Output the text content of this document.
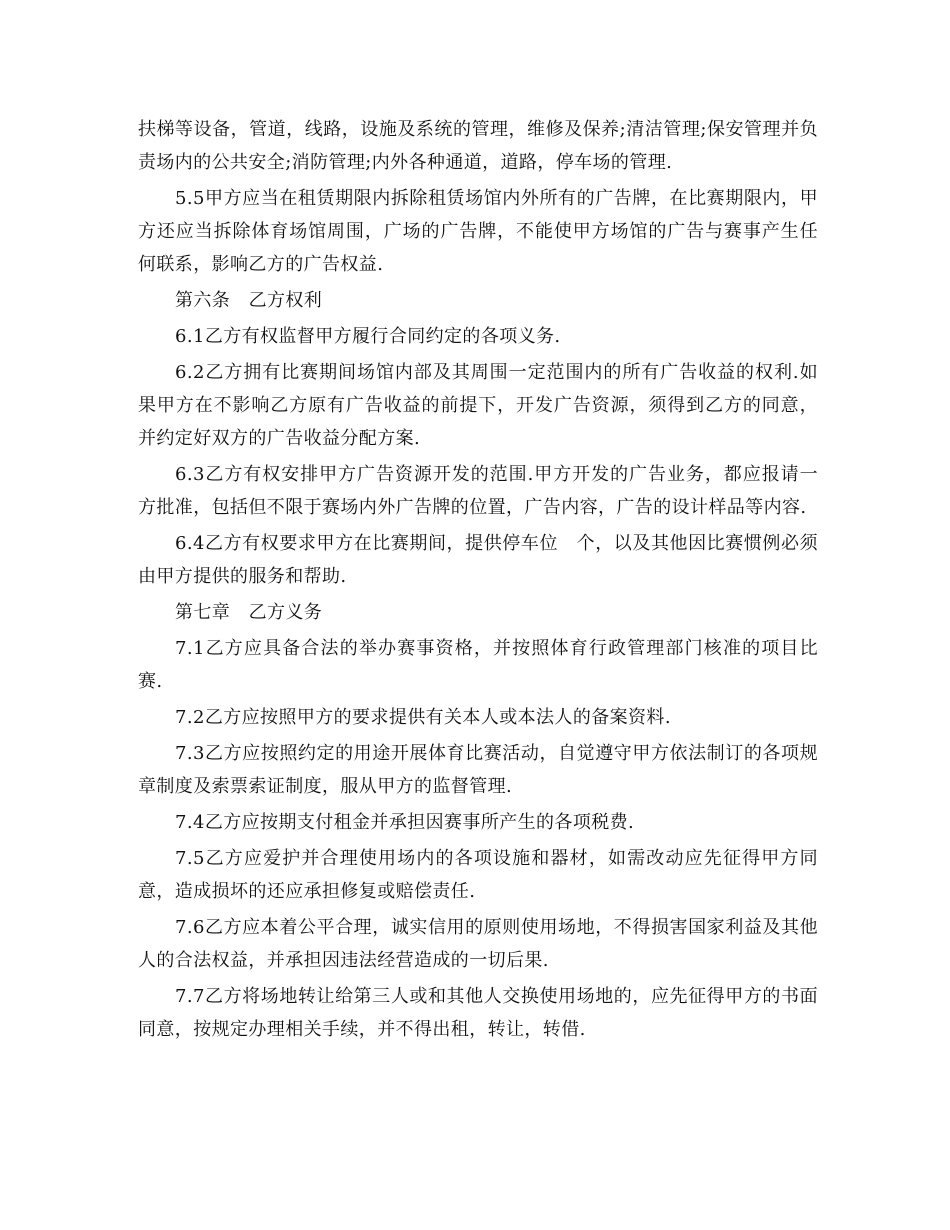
扶梯等设备，管道，线路，设施及系统的管理，维修及保养;清洁管理;保安管理并负责场内的公共安全;消防管理;内外各种通道，道路，停车场的管理.

5.5甲方应当在租赁期限内拆除租赁场馆内外所有的广告牌，在比赛期限内，甲方还应当拆除体育场馆周围，广场的广告牌，不能使甲方场馆的广告与赛事产生任何联系，影响乙方的广告权益.

第六条　乙方权利

6.1乙方有权监督甲方履行合同约定的各项义务.

6.2乙方拥有比赛期间场馆内部及其周围一定范围内的所有广告收益的权利.如果甲方在不影响乙方原有广告收益的前提下，开发广告资源，须得到乙方的同意，并约定好双方的广告收益分配方案.

6.3乙方有权安排甲方广告资源开发的范围.甲方开发的广告业务，都应报请一方批准，包括但不限于赛场内外广告牌的位置，广告内容，广告的设计样品等内容.

6.4乙方有权要求甲方在比赛期间，提供停车位　个，以及其他因比赛惯例必须由甲方提供的服务和帮助.

第七章　乙方义务

7.1乙方应具备合法的举办赛事资格，并按照体育行政管理部门核准的项目比赛.

7.2乙方应按照甲方的要求提供有关本人或本法人的备案资料.

7.3乙方应按照约定的用途开展体育比赛活动，自觉遵守甲方依法制订的各项规章制度及索票索证制度，服从甲方的监督管理.

7.4乙方应按期支付租金并承担因赛事所产生的各项税费.

7.5乙方应爱护并合理使用场内的各项设施和器材，如需改动应先征得甲方同意，造成损坏的还应承担修复或赔偿责任.

7.6乙方应本着公平合理，诚实信用的原则使用场地，不得损害国家利益及其他人的合法权益，并承担因违法经营造成的一切后果.

7.7乙方将场地转让给第三人或和其他人交换使用场地的，应先征得甲方的书面同意，按规定办理相关手续，并不得出租，转让，转借.
